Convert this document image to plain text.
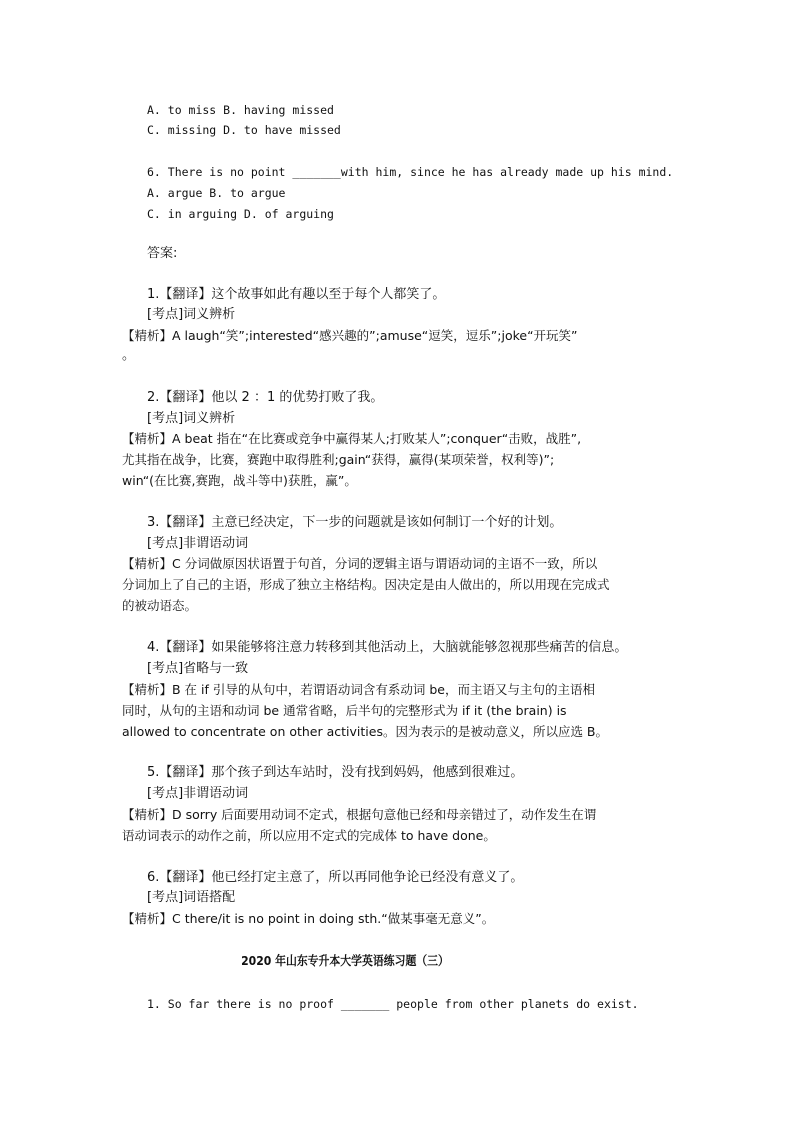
A. to miss B. having missed
C. missing D. to have missed
6. There is no point _______with him, since he has already made up his mind.
A. argue B. to argue
C. in arguing D. of arguing
答案:
1.【翻译】这个故事如此有趣以至于每个人都笑了。
[考点]词义辨析
【精析】A laugh“笑”;interested“感兴趣的”;amuse“逗笑，逗乐”;joke“开玩笑”
。
2.【翻译】他以 2 ：1 的优势打败了我。
[考点]词义辨析
【精析】A beat 指在“在比赛或竞争中赢得某人;打败某人”;conquer“击败，战胜”,
尤其指在战争，比赛，赛跑中取得胜利;gain“获得，赢得(某项荣誉，权利等)”;
win“(在比赛,赛跑，战斗等中)获胜，赢”。
3.【翻译】主意已经决定，下一步的问题就是该如何制订一个好的计划。
[考点]非谓语动词
【精析】C 分词做原因状语置于句首，分词的逻辑主语与谓语动词的主语不一致，所以
分词加上了自己的主语，形成了独立主格结构。因决定是由人做出的，所以用现在完成式
的被动语态。
4.【翻译】如果能够将注意力转移到其他活动上，大脑就能够忽视那些痛苦的信息。
[考点]省略与一致
【精析】B 在 if 引导的从句中，若谓语动词含有系动词 be，而主语又与主句的主语相
同时，从句的主语和动词 be 通常省略，后半句的完整形式为 if it (the brain) is
allowed to concentrate on other activities。因为表示的是被动意义，所以应选 B。
5.【翻译】那个孩子到达车站时，没有找到妈妈，他感到很难过。
[考点]非谓语动词
【精析】D sorry 后面要用动词不定式，根据句意他已经和母亲错过了，动作发生在谓
语动词表示的动作之前，所以应用不定式的完成体 to have done。
6.【翻译】他已经打定主意了，所以再同他争论已经没有意义了。
[考点]词语搭配
【精析】C there/it is no point in doing sth.“做某事毫无意义”。
2020 年山东专升本大学英语练习题（三）
1. So far there is no proof _______ people from other planets do exist.
